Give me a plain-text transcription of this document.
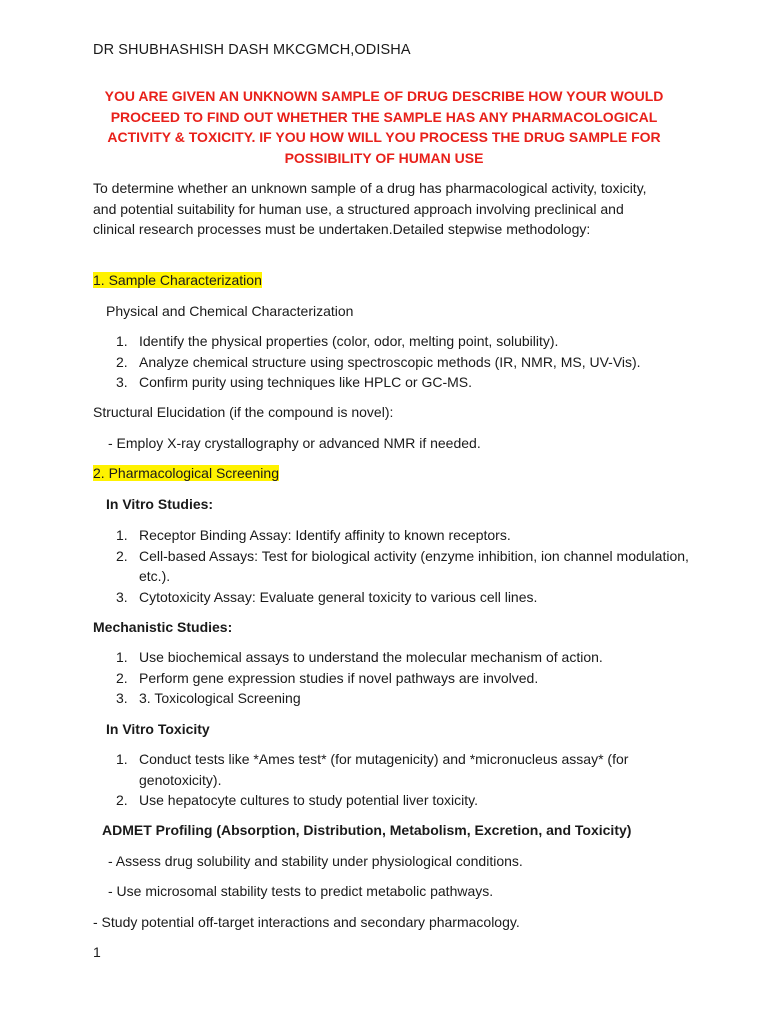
DR SHUBHASHISH DASH MKCGMCH,ODISHA
YOU ARE GIVEN AN UNKNOWN SAMPLE OF DRUG DESCRIBE HOW YOUR WOULD PROCEED TO FIND OUT WHETHER THE SAMPLE HAS ANY PHARMACOLOGICAL ACTIVITY & TOXICITY. IF YOU HOW WILL YOU PROCESS THE DRUG SAMPLE FOR POSSIBILITY OF HUMAN USE
To determine whether an unknown sample of a drug has pharmacological activity, toxicity, and potential suitability for human use, a structured approach involving preclinical and clinical research processes must be undertaken.Detailed stepwise methodology:
1. Sample Characterization
Physical and Chemical Characterization
1. Identify the physical properties (color, odor, melting point, solubility).
2. Analyze chemical structure using spectroscopic methods (IR, NMR, MS, UV-Vis).
3. Confirm purity using techniques like HPLC or GC-MS.
Structural Elucidation (if the compound is novel):
- Employ X-ray crystallography or advanced NMR if needed.
2. Pharmacological Screening
In Vitro Studies:
1. Receptor Binding Assay: Identify affinity to known receptors.
2. Cell-based Assays: Test for biological activity (enzyme inhibition, ion channel modulation, etc.).
3. Cytotoxicity Assay: Evaluate general toxicity to various cell lines.
Mechanistic Studies:
1. Use biochemical assays to understand the molecular mechanism of action.
2. Perform gene expression studies if novel pathways are involved.
3. 3. Toxicological Screening
In Vitro Toxicity
1. Conduct tests like *Ames test* (for mutagenicity) and *micronucleus assay* (for genotoxicity).
2. Use hepatocyte cultures to study potential liver toxicity.
ADMET Profiling (Absorption, Distribution, Metabolism, Excretion, and Toxicity)
- Assess drug solubility and stability under physiological conditions.
- Use microsomal stability tests to predict metabolic pathways.
- Study potential off-target interactions and secondary pharmacology.
1
